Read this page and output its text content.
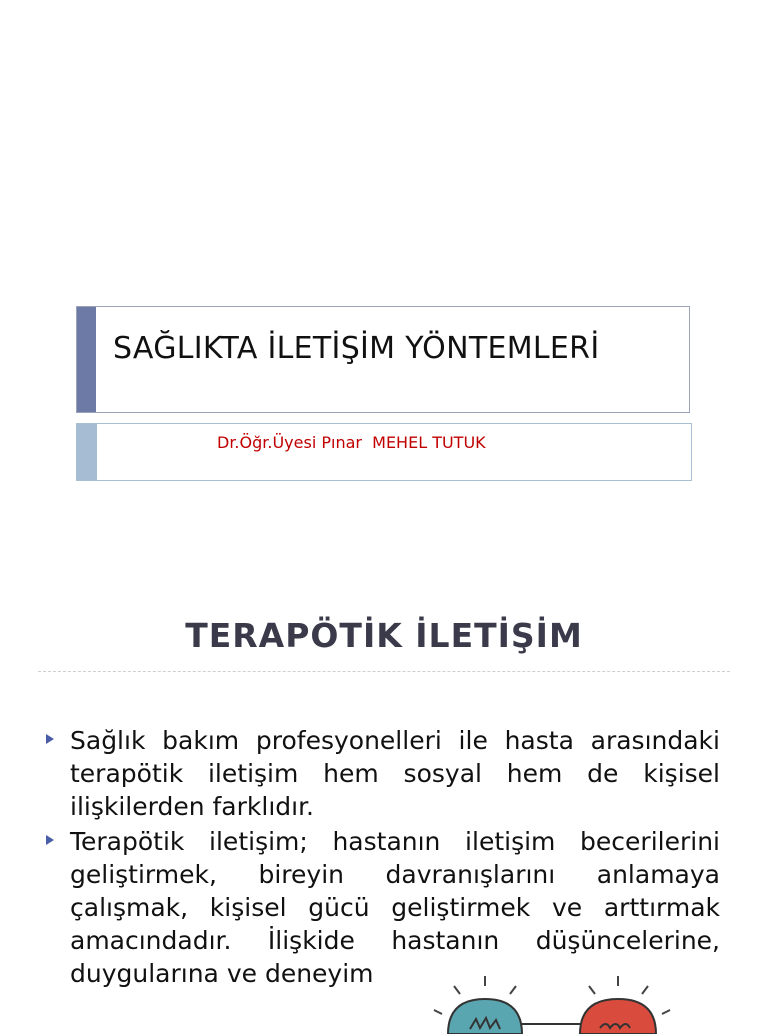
SAĞLIKTA İLETİŞİM YÖNTEMLERİ
Dr.Öğr.Üyesi Pınar  MEHEL TUTUK
TERAPÖTİK İLETİŞİM
Sağlık bakım profesyonelleri ile hasta arasındaki terapötik iletişim hem sosyal hem de kişisel ilişkilerden farklıdır.
Terapötik iletişim; hastanın iletişim becerilerini geliştirmek, bireyin davranışlarını anlamaya çalışmak, kişisel gücü geliştirmek ve arttırmak amacındadır. İlişkide hastanın düşüncelerine, duygularına ve deneyim
